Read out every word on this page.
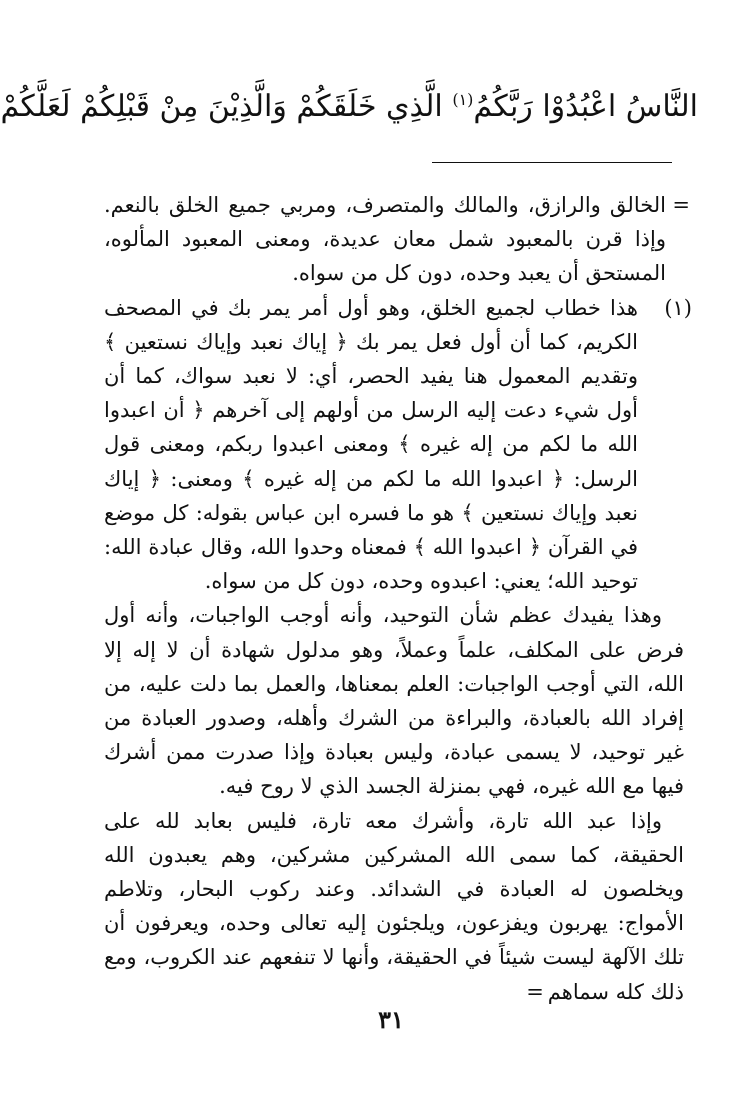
النَّاسُ اعْبُدُوْا رَبَّكُمُ$^{(١)}$ الَّذِي خَلَقَكُمْ وَالَّذِيْنَ مِنْ قَبْلِكُمْ لَعَلَّكُمْ

=
الخالق والرازق، والمالك والمتصرف، ومربي جميع الخلق بالنعم. وإذا قرن بالمعبود شمل معان عديدة، ومعنى المعبود المألوه، المستحق أن يعبد وحده، دون كل من سواه.

(١)
هذا خطاب لجميع الخلق، وهو أول أمر يمر بك في المصحف الكريم، كما أن أول فعل يمر بك ﴿ إياك نعبد وإياك نستعين ﴾ وتقديم المعمول هنا يفيد الحصر، أي: لا نعبد سواك، كما أن أول شيء دعت إليه الرسل من أولهم إلى آخرهم ﴿ أن اعبدوا الله ما لكم من إله غيره ﴾ ومعنى اعبدوا ربكم، ومعنى قول الرسل: ﴿ اعبدوا الله ما لكم من إله غيره ﴾ ومعنى: ﴿ إياك نعبد وإياك نستعين ﴾ هو ما فسره ابن عباس بقوله: كل موضع في القرآن ﴿ اعبدوا الله ﴾ فمعناه وحدوا الله، وقال عبادة الله: توحيد الله؛ يعني: اعبدوه وحده، دون كل من سواه.

وهذا يفيدك عظم شأن التوحيد، وأنه أوجب الواجبات، وأنه أول فرض على المكلف، علماً وعملاً، وهو مدلول شهادة أن لا إله إلا الله، التي أوجب الواجبات: العلم بمعناها، والعمل بما دلت عليه، من إفراد الله بالعبادة، والبراءة من الشرك وأهله، وصدور العبادة من غير توحيد، لا يسمى عبادة، وليس بعبادة وإذا صدرت ممن أشرك فيها مع الله غيره، فهي بمنزلة الجسد الذي لا روح فيه.

وإذا عبد الله تارة، وأشرك معه تارة، فليس بعابد لله على الحقيقة، كما سمى الله المشركين مشركين، وهم يعبدون الله ويخلصون له العبادة في الشدائد. وعند ركوب البحار، وتلاطم الأمواج: يهربون ويفزعون، ويلجئون إليه تعالى وحده، ويعرفون أن تلك الآلهة ليست شيئاً في الحقيقة، وأنها لا تنفعهم عند الكروب، ومع ذلك كله سماهم=

٣١
